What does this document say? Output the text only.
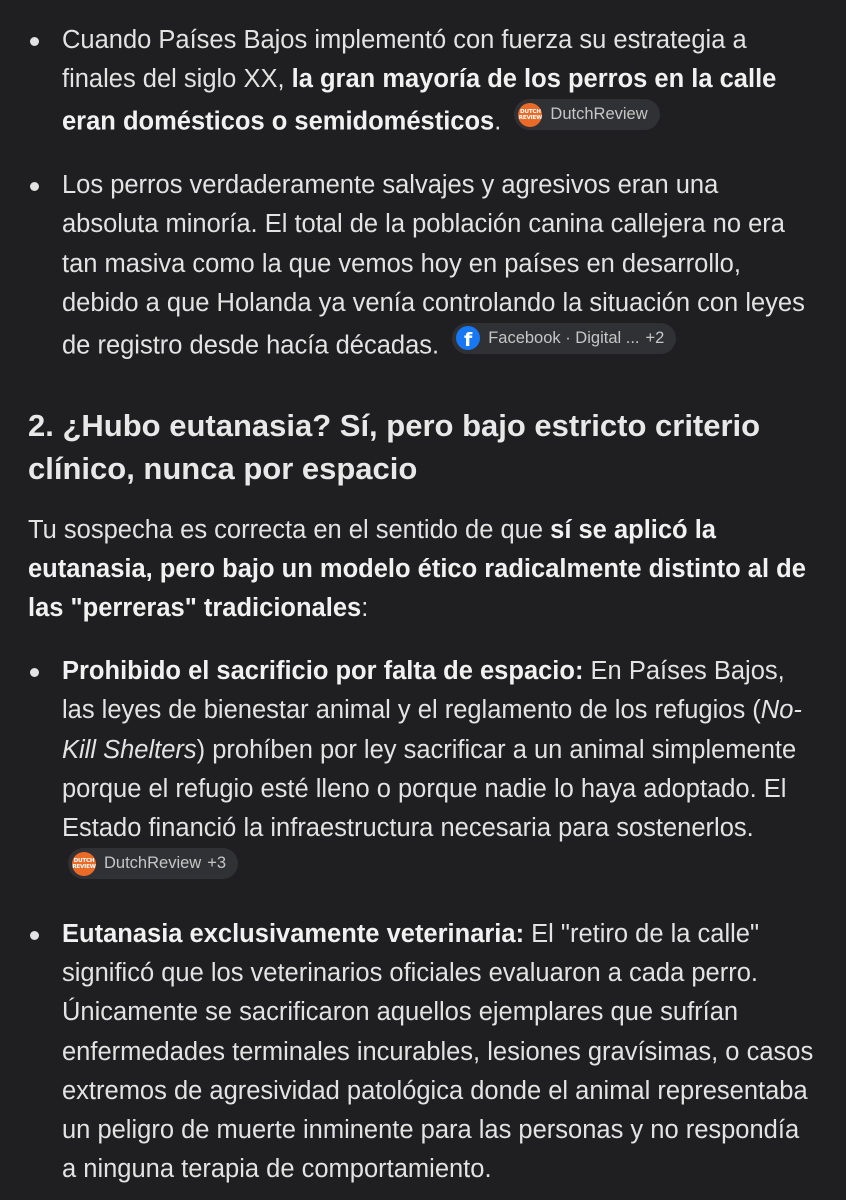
Cuando Países Bajos implementó con fuerza su estrategia a finales del siglo XX, la gran mayoría de los perros en la calle eran domésticos o semidomésticos.	DUTCH
REVIEW DutchReview
Los perros verdaderamente salvajes y agresivos eran una absoluta minoría. El total de la población canina callejera no era tan masiva como la que vemos hoy en países en desarrollo, debido a que Holanda ya venía controlando la situación con leyes de registro desde hacía décadas.	f Facebook · Digital ... +2
2. ¿Hubo eutanasia? Sí, pero bajo estricto criterio clínico, nunca por espacio

Tu sospecha es correcta en el sentido de que sí se aplicó la eutanasia, pero bajo un modelo ético radicalmente distinto al de las "perreras" tradicionales:

Prohibido el sacrificio por falta de espacio: En Países Bajos, las leyes de bienestar animal y el reglamento de los refugios (No-Kill Shelters) prohíben por ley sacrificar a un animal simplemente porque el refugio esté lleno o porque nadie lo haya adoptado. El Estado financió la infraestructura necesaria para sostenerlos.
DUTCH
REVIEW DutchReview +3
Eutanasia exclusivamente veterinaria: El "retiro de la calle" significó que los veterinarios oficiales evaluaron a cada perro. Únicamente se sacrificaron aquellos ejemplares que sufrían enfermedades terminales incurables, lesiones gravísimas, o casos extremos de agresividad patológica donde el animal representaba un peligro de muerte inminente para las personas y no respondía a ninguna terapia de comportamiento.
